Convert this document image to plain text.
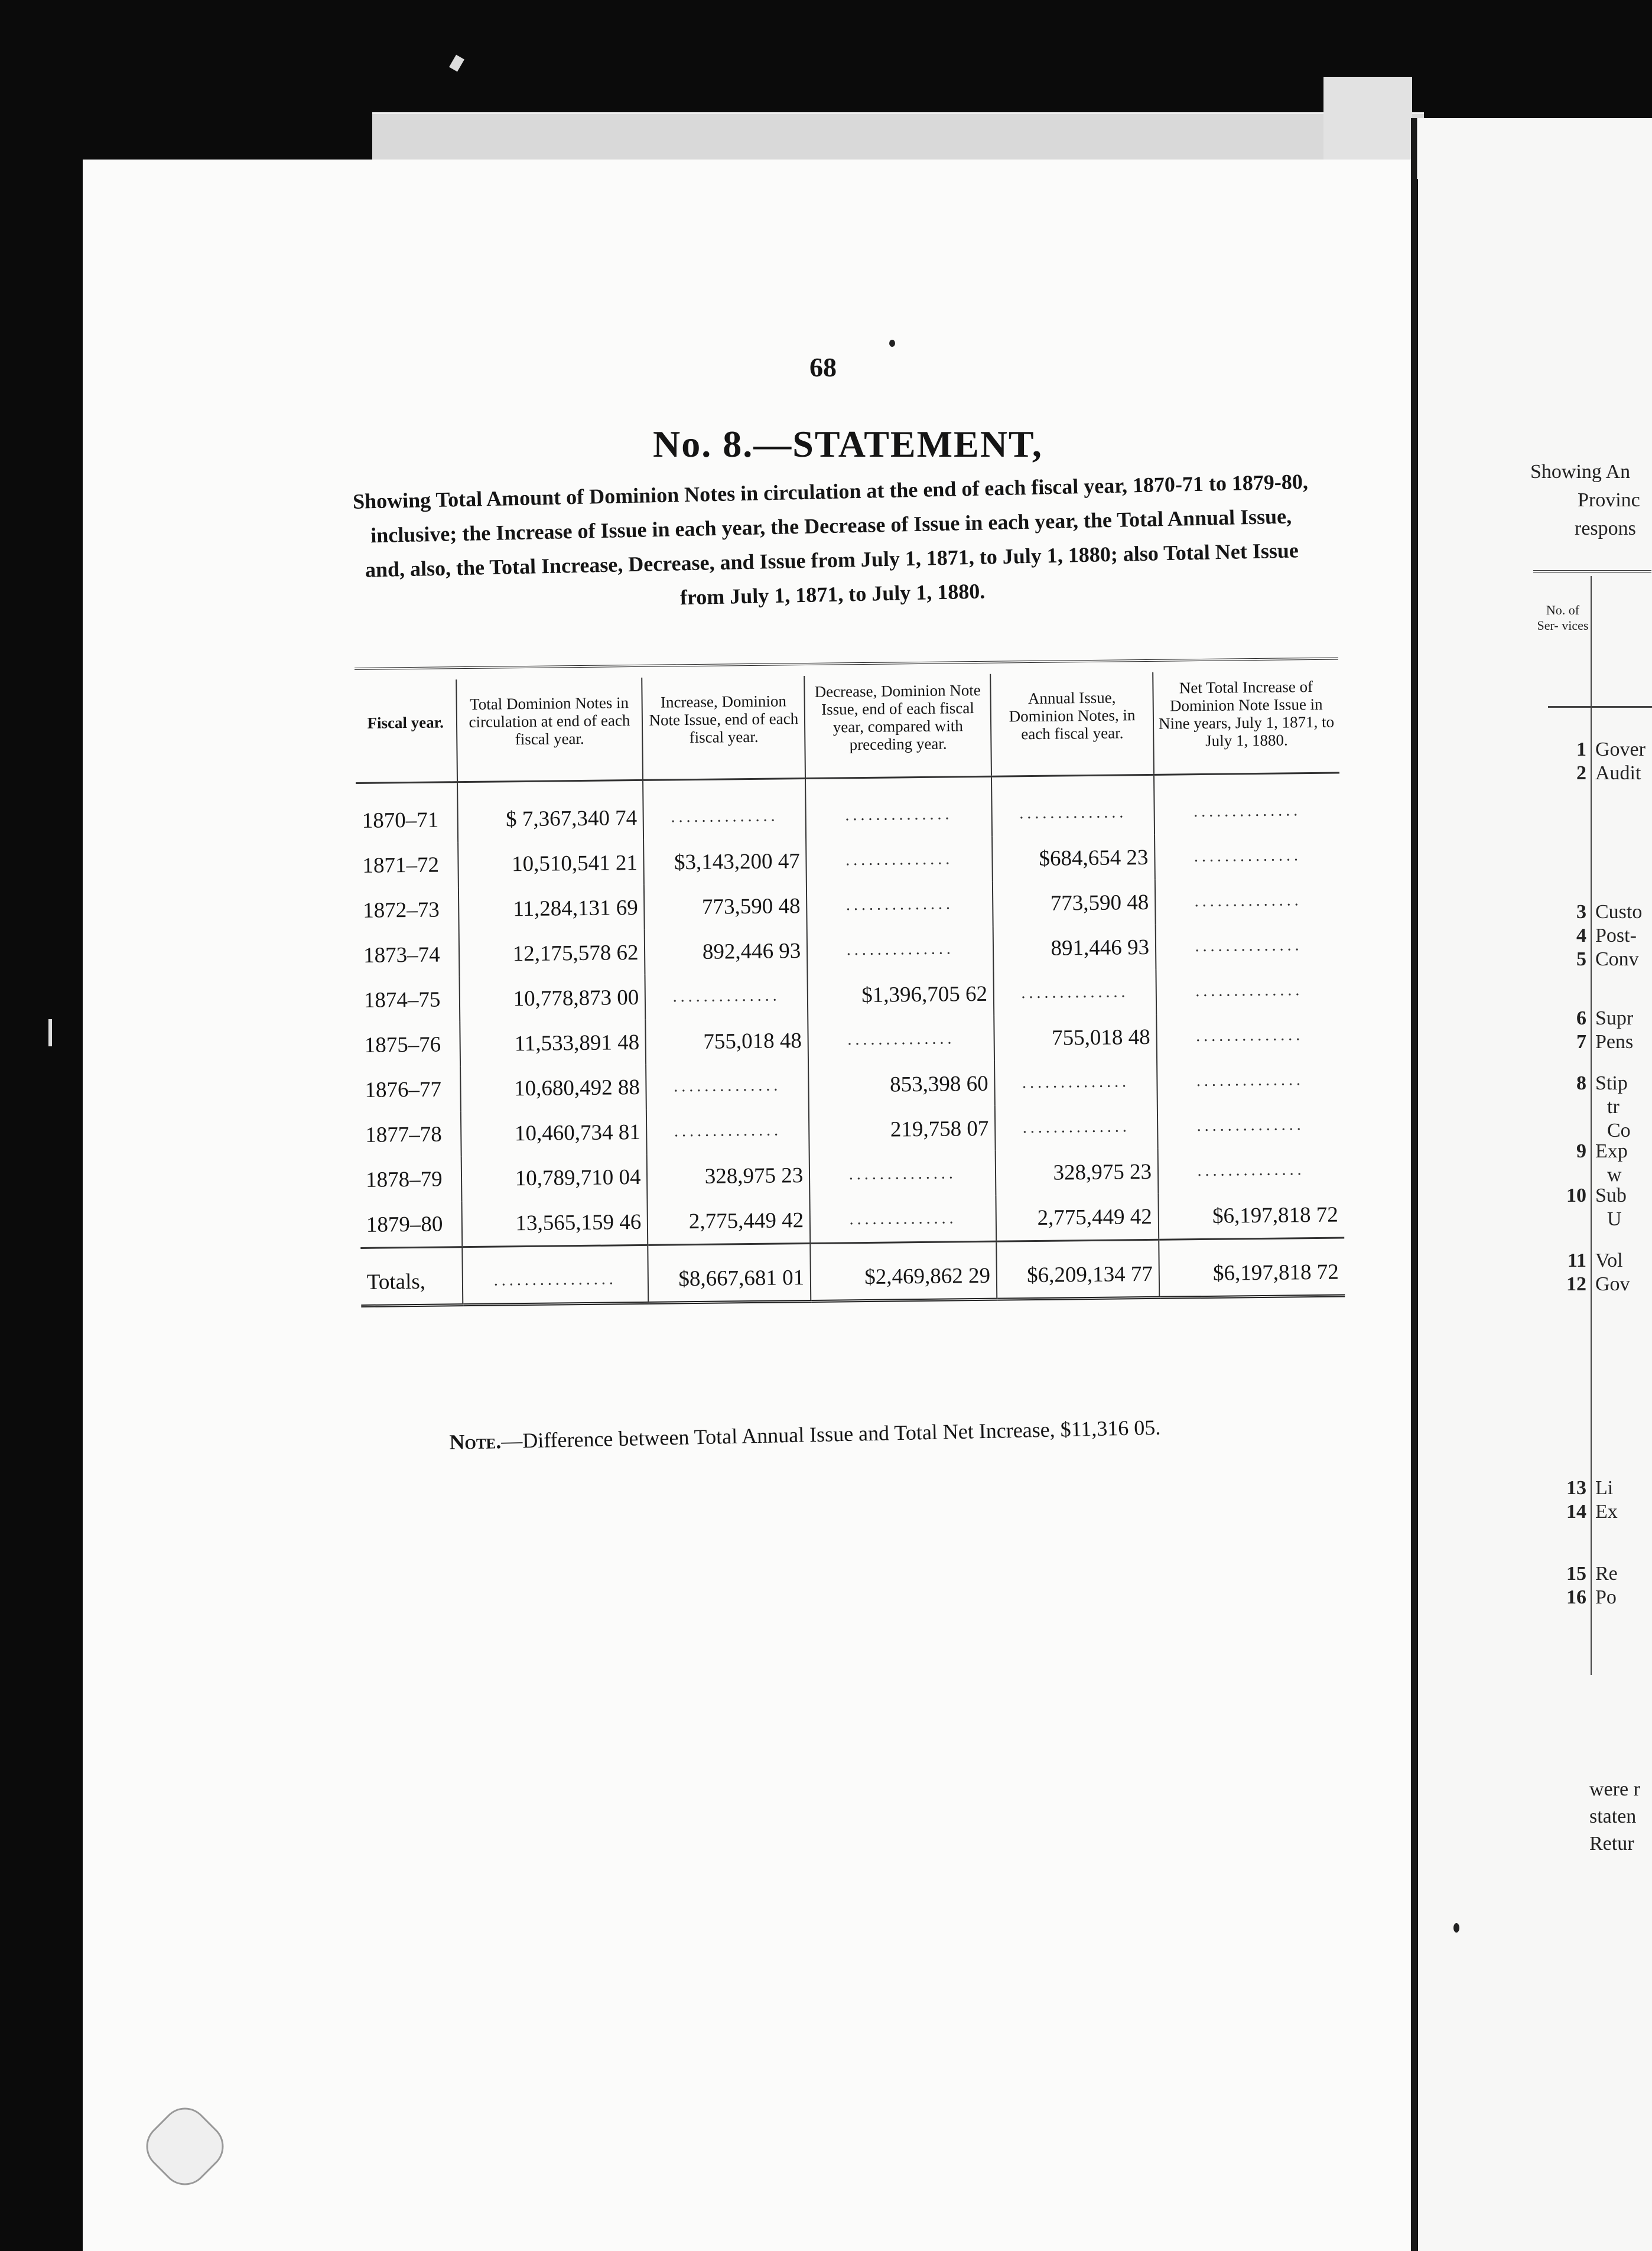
68
No. 8.—STATEMENT,
Showing Total Amount of Dominion Notes in circulation at the end of each fiscal year, 1870-71 to 1879-80, inclusive; the Increase of Issue in each year, the Decrease of Issue in each year, the Total Annual Issue, and, also, the Total Increase, Decrease, and Issue from July 1, 1871, to July 1, 1880; also Total Net Issue from July 1, 1871, to July 1, 1880.
Fiscal year.	Total Dominion Notes in circulation at end of each fiscal year.	Increase, Dominion Note Issue, end of each fiscal year.	Decrease, Dominion Note Issue, end of each fiscal year, compared with preceding year.	Annual Issue, Dominion Notes, in each fiscal year.	Net Total Increase of Dominion Note Issue in Nine years, July 1, 1871, to July 1, 1880.
1870–71	$ 7,367,340 74	..............	..............	..............	..............
1871–72	10,510,541 21	$3,143,200 47	..............	$684,654 23	..............
1872–73	11,284,131 69	773,590 48	..............	773,590 48	..............
1873–74	12,175,578 62	892,446 93	..............	891,446 93	..............
1874–75	10,778,873 00	..............	$1,396,705 62	..............	..............
1875–76	11,533,891 48	755,018 48	..............	755,018 48	..............
1876–77	10,680,492 88	..............	853,398 60	..............	..............
1877–78	10,460,734 81	..............	219,758 07	..............	..............
1878–79	10,789,710 04	328,975 23	..............	328,975 23	..............
1879–80	13,565,159 46	2,775,449 42	..............	2,775,449 42	$6,197,818 72
Totals,	................	$8,667,681 01	$2,469,862 29	$6,209,134 77	$6,197,818 72
Note.—Difference between Total Annual Issue and Total Net Increase, $11,316 05.
Showing An
Provinc
respons
No. of Ser- vices
1 Gover
2 Audit
3 Custo
4 Post-
5 Conv
6 Supr
7 Pens
8 Stip
tr
Co
9 Exp
w
10 Sub
U
11 Vol
12 Gov
13 Li
14 Ex
15 Re
16 Po
were r
staten
Retur
